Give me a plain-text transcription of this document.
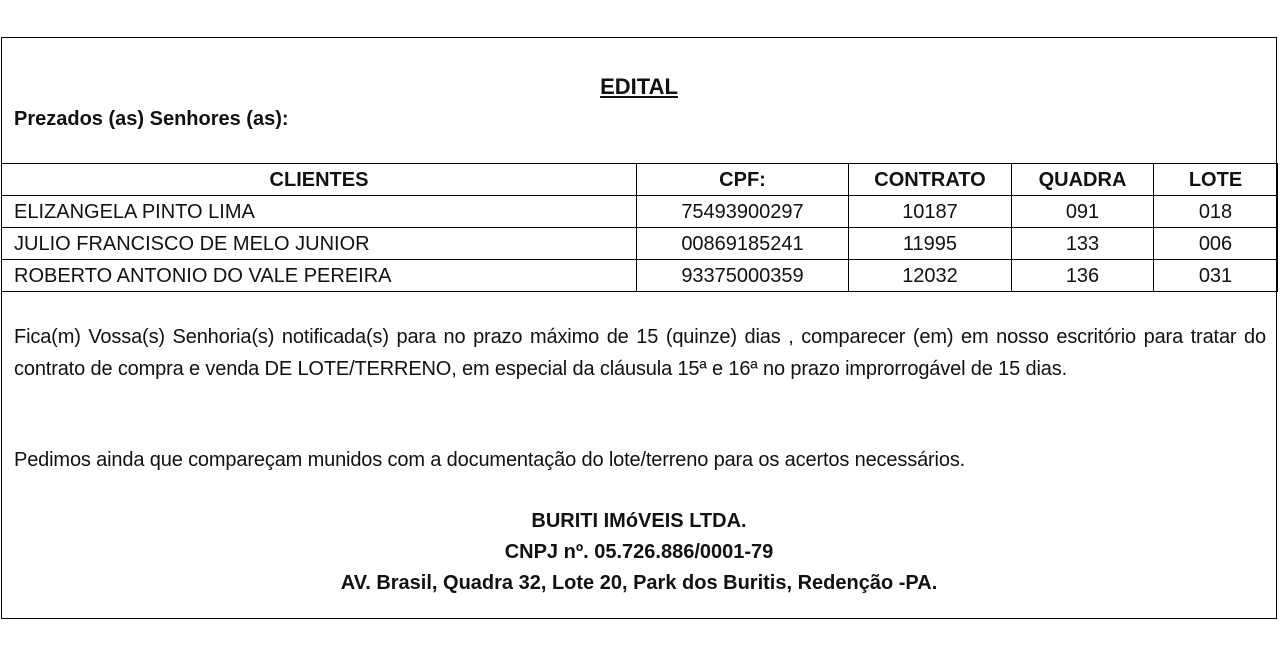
EDITAL
Prezados (as) Senhores (as):
CLIENTES	CPF:	CONTRATO	QUADRA	LOTE
ELIZANGELA PINTO LIMA	75493900297	10187	091	018
JULIO FRANCISCO DE MELO JUNIOR	00869185241	11995	133	006
ROBERTO ANTONIO DO VALE PEREIRA	93375000359	12032	136	031
Fica(m) Vossa(s) Senhoria(s) notificada(s) para no prazo máximo de 15 (quinze) dias , comparecer (em) em nosso escritório para tratar do contrato de compra e venda DE LOTE/TERRENO, em especial da cláusula 15ª e 16ª no prazo improrrogável de 15 dias.
Pedimos ainda que compareçam munidos com a documentação do lote/terreno para os acertos necessários.
BURITI IMóVEIS LTDA.
CNPJ nº. 05.726.886/0001-79
AV. Brasil, Quadra 32, Lote 20, Park dos Buritis, Redenção -PA.
